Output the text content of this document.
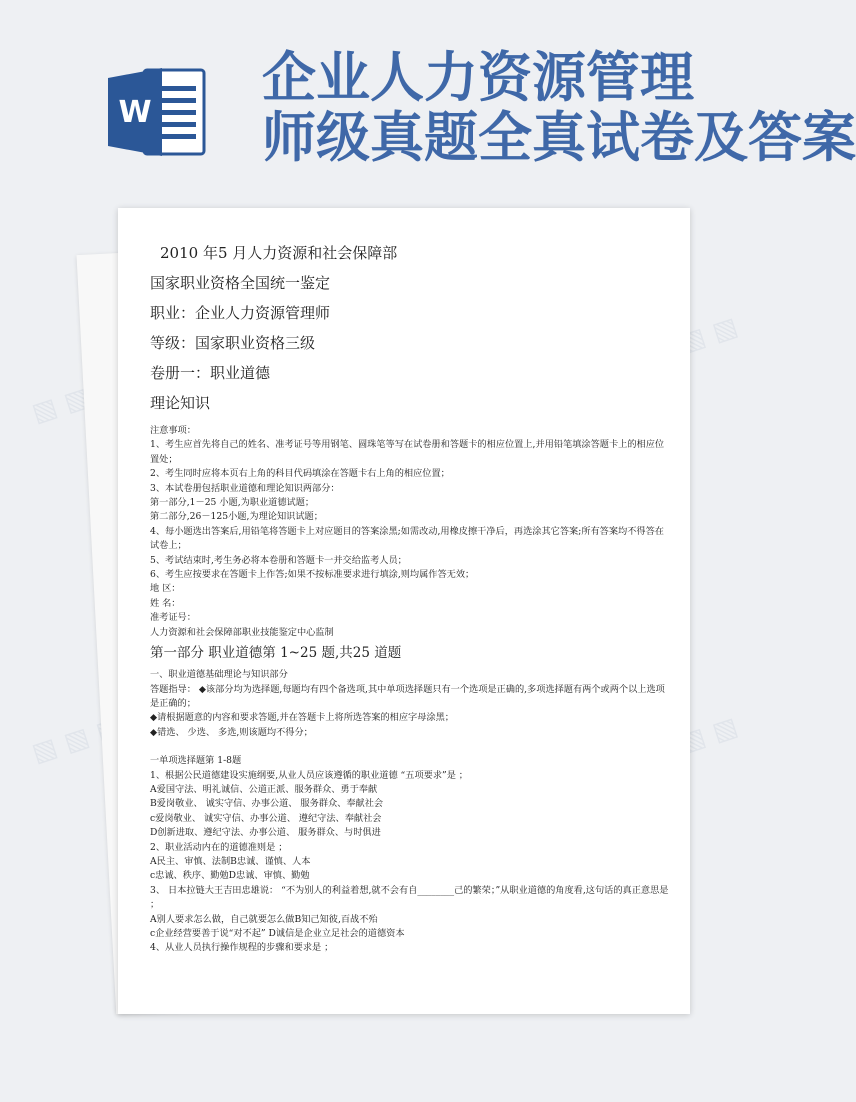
W
企业人力资源管理
师级真题全真试卷及答案
▧ ▧
▧ ▧
▧ ▧ ▧ ▧	▧ ▧
2010 年5 月人力资源和社会保障部
国家职业资格全国统一鉴定
职业：企业人力资源管理师
等级：国家职业资格三级
卷册一：职业道德
理论知识
注意事项：
1、考生应首先将自己的姓名、准考证号等用钢笔、圆珠笔等写在试卷册和答题卡的相应位置上,并用铅笔填涂答题卡上的相应位置处；
2、考生同时应将本页右上角的科目代码填涂在答题卡右上角的相应位置；
3、本试卷册包括职业道德和理论知识两部分：
第一部分,1－25 小题,为职业道德试题；
第二部分,26－125小题,为理论知识试题；
4、每小题选出答案后,用铅笔将答题卡上对应题目的答案涂黑;如需改动,用橡皮擦干净后，再选涂其它答案;所有答案均不得答在试卷上；
5、考试结束时,考生务必将本卷册和答题卡一并交给监考人员；
6、考生应按要求在答题卡上作答;如果不按标准要求进行填涂,则均属作答无效；
地 区：
姓 名：
准考证号：
人力资源和社会保障部职业技能鉴定中心监制
第一部分 职业道德第 1~25 题,共25 道题
一、职业道德基础理论与知识部分
答题指导： ◆该部分均为选择题,每题均有四个备选项,其中单项选择题只有一个选项是正确的,多项选择题有两个或两个以上选项是正确的；
◆请根据题意的内容和要求答题,并在答题卡上将所选答案的相应字母涂黑；
◆错选、 少选、 多选,则该题均不得分；
一单项选择题第 1-8题
1、根据公民道德建设实施纲要,从业人员应该遵循的职业道德 “五项要求”是 ；
A爱国守法、明礼诚信、公道正派、服务群众、勇于奉献
B爱岗敬业、 诚实守信、办事公道、 服务群众、奉献社会
c爱岗敬业、 诚实守信、办事公道、 遵纪守法、奉献社会
D创新进取、遵纪守法、办事公道、 服务群众、与时俱进
2、职业活动内在的道德准则是 ；
A民主、审慎、法制B忠诚、谨慎、人本
c忠诚、秩序、勤勉D忠诚、审慎、勤勉
3、 日本拉链大王吉田忠雄说： “不为别人的利益着想,就不会有自________己的繁荣；”从职业道德的角度看,这句话的真正意思是 ；
A别人要求怎么做，自己就要怎么做B知己知彼,百战不殆
c企业经营要善于说“对不起” D诚信是企业立足社会的道德资本
4、从业人员执行操作规程的步骤和要求是 ；
